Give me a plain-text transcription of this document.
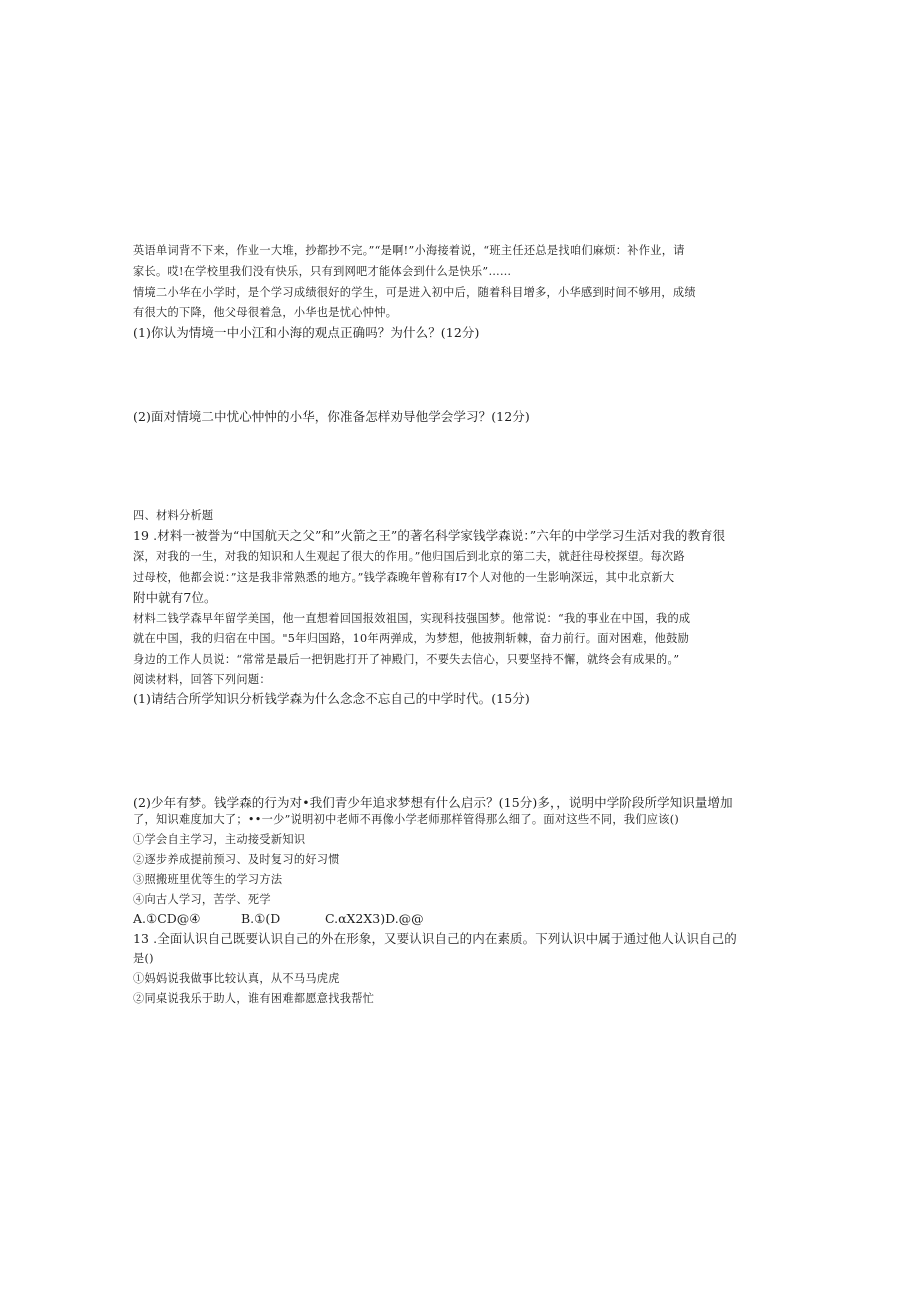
英语单词背不下来，作业一大堆，抄都抄不完。”“是啊!”小海接着说，“班主任还总是找咱们麻烦：补作业，请
家长。哎!在学校里我们没有快乐，只有到网吧才能体会到什么是快乐”……
情境二小华在小学时，是个学习成绩很好的学生，可是进入初中后，随着科目增多，小华感到时间不够用，成绩
有很大的下降，他父母很着急，小华也是忧心忡忡。
(1)你认为情境一中小江和小海的观点正确吗？为什么？(12分)
(2)面对情境二中忧心忡忡的小华，你准备怎样劝导他学会学习？(12分)
四、材料分析题
19 .材料一被誉为“中国航天之父”和”火箭之王”的著名科学家钱学森说：”六年的中学学习生活对我的教育很
深，对我的一生，对我的知识和人生观起了很大的作用。”他归国后到北京的第二夫，就赶往母校探望。每次路
过母校，他都会说：”这是我非常熟悉的地方。”钱学森晚年曾称有I7个人对他的一生影响深远，其中北京新大
附中就有7位。
材料二钱学森早年留学美国，他一直想着回国报效祖国，实现科技强国梦。他常说：“我的事业在中国，我的成
就在中国，我的归宿在中国。"5年归国路，10年两弹成，为梦想，他披荆斩棘，奋力前行。面对困难，他鼓励
身边的工作人员说：“常常是最后一把钥匙打开了神殿门，不要失去信心，只要坚持不懈，就终会有成果的。”
阅读材料，回答下列问题：
(1)请结合所学知识分析钱学森为什么念念不忘自己的中学时代。(15分)
(2)少年有梦。钱学森的行为对•我们青少年追求梦想有什么启示？(15分)多，，说明中学阶段所学知识量增加
了，知识难度加大了；••一少”说明初中老师不再像小学老师那样管得那么细了。面对这些不同，我们应该()
①学会自主学习，主动接受新知识
②逐步养成提前预习、及时复习的好习惯
③照搬班里优等生的学习方法
④向古人学习，苦学、死学
A.①CD@④	B.①(D	C.αX2X3)D.@@
13 .全面认识自己既要认识自己的外在形象，又要认识自己的内在素质。下列认识中属于通过他人认识自己的
是()
①妈妈说我做事比较认真，从不马马虎虎
②同桌说我乐于助人，谁有困难都愿意找我帮忙
